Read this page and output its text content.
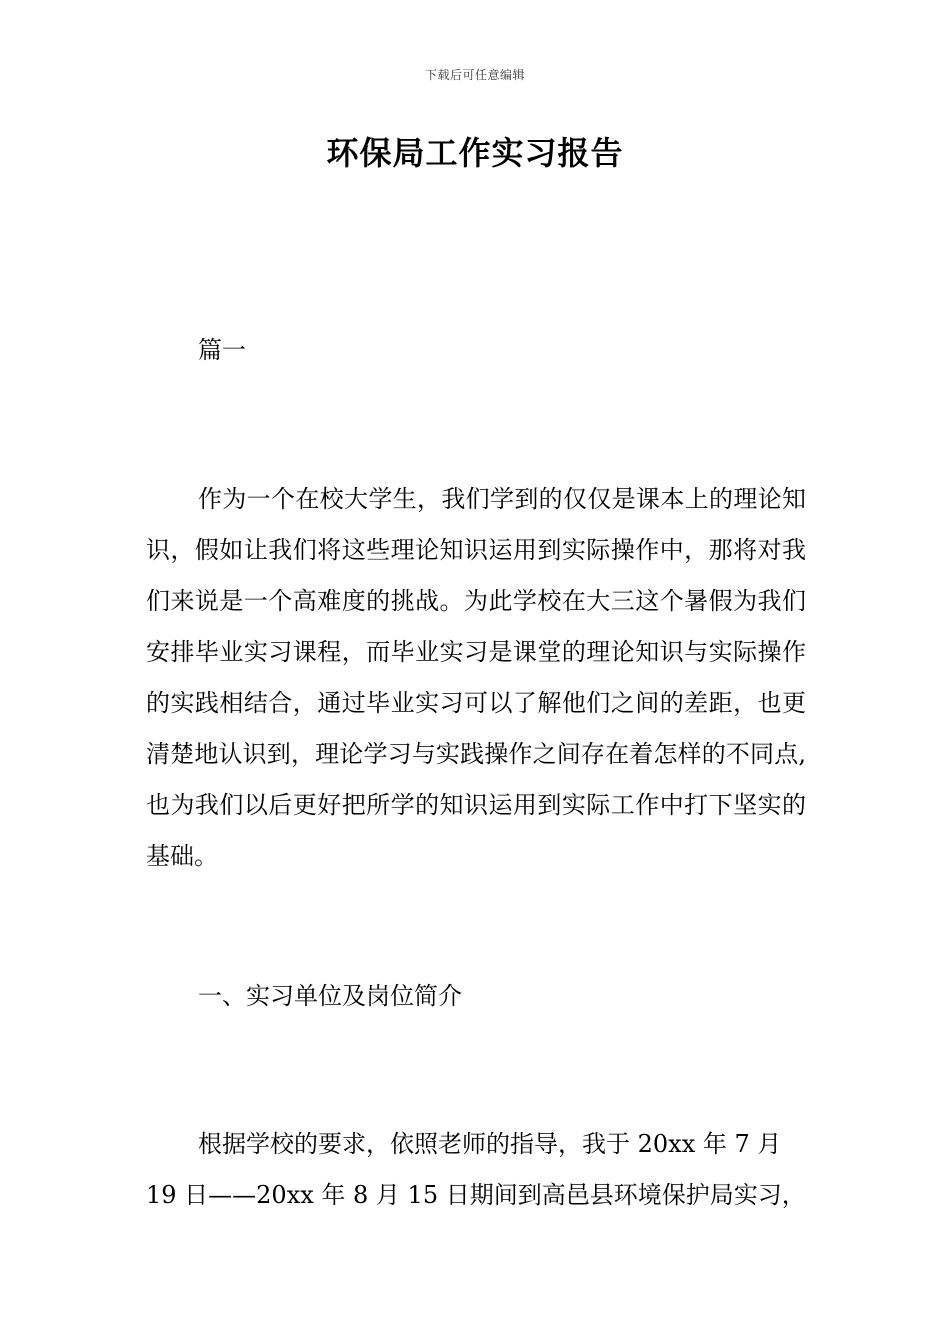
下载后可任意编辑
环保局工作实习报告
篇一

作为一个在校大学生，我们学到的仅仅是课本上的理论知识，假如让我们将这些理论知识运用到实际操作中，那将对我们来说是一个高难度的挑战。为此学校在大三这个暑假为我们安排毕业实习课程，而毕业实习是课堂的理论知识与实际操作的实践相结合，通过毕业实习可以了解他们之间的差距，也更清楚地认识到，理论学习与实践操作之间存在着怎样的不同点,也为我们以后更好把所学的知识运用到实际工作中打下坚实的基础。

一、实习单位及岗位简介
根据学校的要求，依照老师的指导，我于 20xx 年 7 月
19 日——20xx 年 8 月 15 日期间到高邑县环境保护局实习，
